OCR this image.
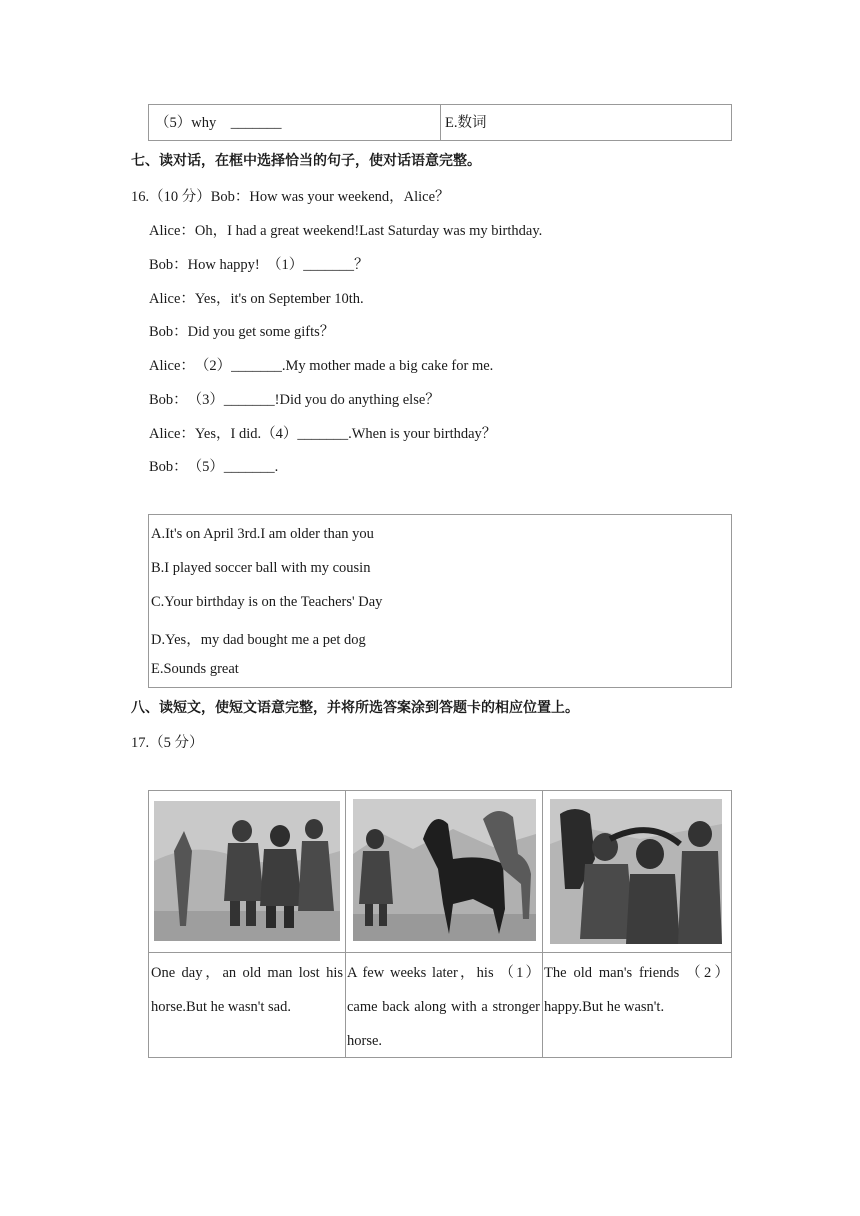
（5）why　_______	E.数词
七、读对话，在框中选择恰当的句子，使对话语意完整。
16.（10 分）Bob：How was your weekend，Alice？
Alice：Oh，I had a great weekend!Last Saturday was my birthday.
Bob：How happy!　（1）_______？
Alice：Yes，it's on September 10th.
Bob：Did you get some gifts？
Alice：　（2）_______.My mother made a big cake for me.
Bob：　（3）_______!Did you do anything else？
Alice：Yes，I did.（4）_______.When is your birthday？
Bob：　（5）_______.
A.It's on April 3rd.I am older than you
B.I played soccer ball with my cousin
C.Your birthday is on the Teachers' Day
D.Yes，my dad bought me a pet dog
E.Sounds great
八、读短文，使短文语意完整，并将所选答案涂到答题卡的相应位置上。
17.（5 分）
One day，an old man lost his horse.But he wasn't sad.
A few weeks later，his （1） came back along with a stronger horse.
The old man's friends （2） happy.But he wasn't.
